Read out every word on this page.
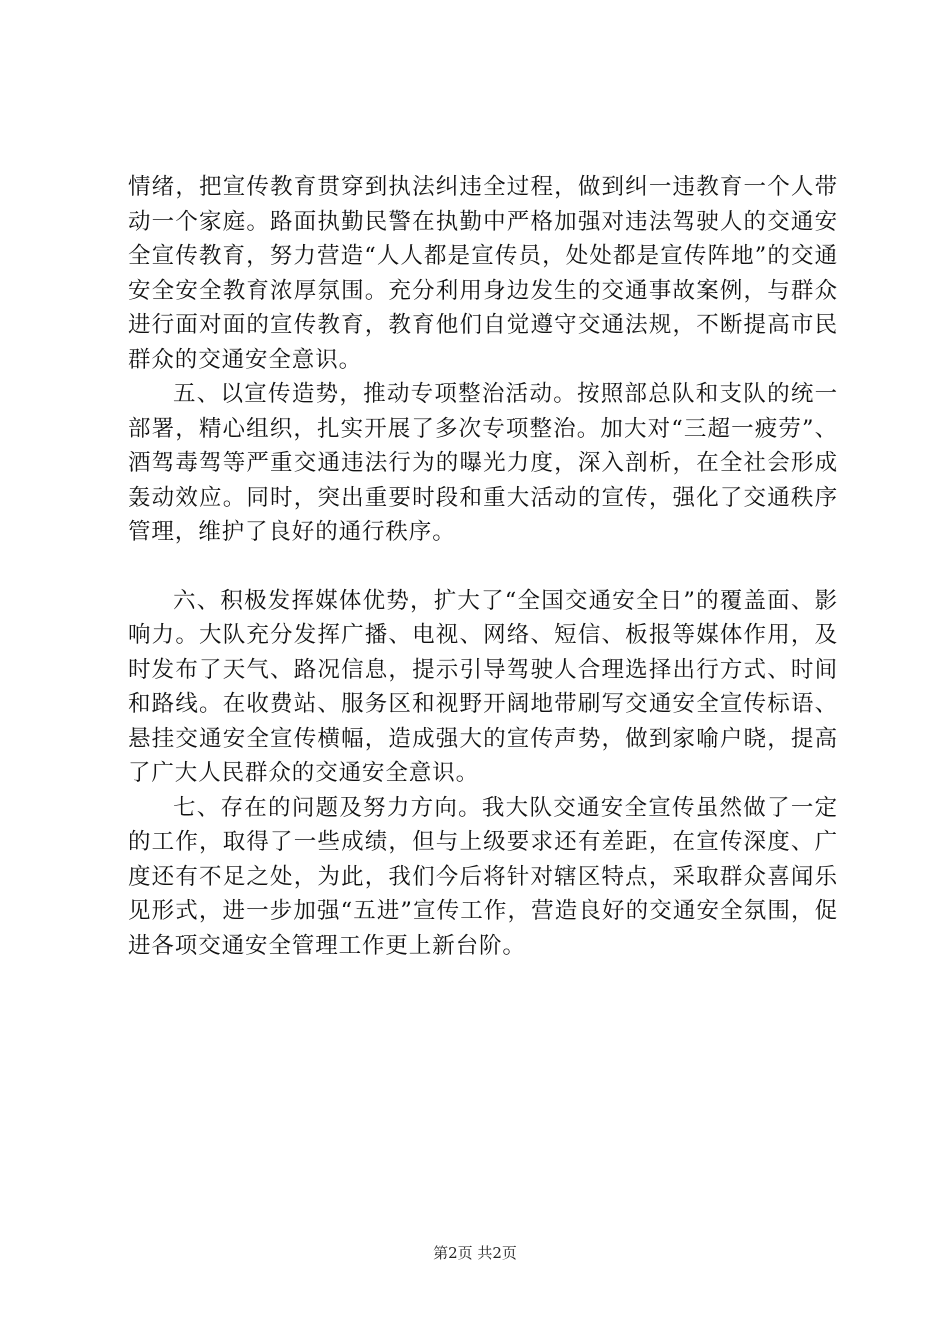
情绪，把宣传教育贯穿到执法纠违全过程，做到纠一违教育一个人带动一个家庭。路面执勤民警在执勤中严格加强对违法驾驶人的交通安全宣传教育，努力营造“人人都是宣传员，处处都是宣传阵地”的交通安全安全教育浓厚氛围。充分利用身边发生的交通事故案例，与群众进行面对面的宣传教育，教育他们自觉遵守交通法规，不断提高市民群众的交通安全意识。

五、以宣传造势，推动专项整治活动。按照部总队和支队的统一部署，精心组织，扎实开展了多次专项整治。加大对“三超一疲劳”、酒驾毒驾等严重交通违法行为的曝光力度，深入剖析，在全社会形成轰动效应。同时，突出重要时段和重大活动的宣传，强化了交通秩序管理，维护了良好的通行秩序。

六、积极发挥媒体优势，扩大了“全国交通安全日”的覆盖面、影响力。大队充分发挥广播、电视、网络、短信、板报等媒体作用，及时发布了天气、路况信息，提示引导驾驶人合理选择出行方式、时间和路线。在收费站、服务区和视野开阔地带刷写交通安全宣传标语、悬挂交通安全宣传横幅，造成强大的宣传声势，做到家喻户晓，提高了广大人民群众的交通安全意识。

七、存在的问题及努力方向。我大队交通安全宣传虽然做了一定的工作，取得了一些成绩，但与上级要求还有差距，在宣传深度、广度还有不足之处，为此，我们今后将针对辖区特点，采取群众喜闻乐见形式，进一步加强“五进”宣传工作，营造良好的交通安全氛围，促进各项交通安全管理工作更上新台阶。

第2页 共2页
